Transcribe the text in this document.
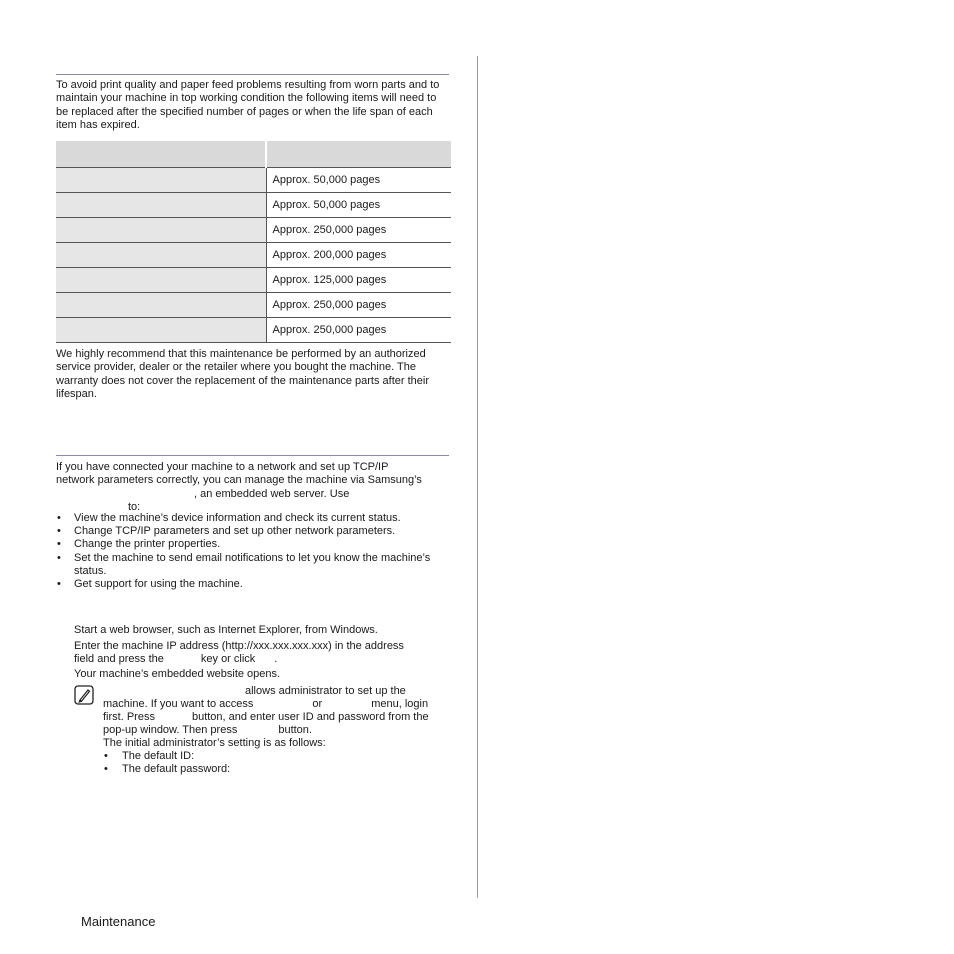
To avoid print quality and paper feed problems resulting from worn parts and to maintain your machine in top working condition the following items will need to be replaced after the specified number of pages or when the life span of each item has expired.

	Approx. 50,000 pages
	Approx. 50,000 pages
	Approx. 250,000 pages
	Approx. 200,000 pages
	Approx. 125,000 pages
	Approx. 250,000 pages
	Approx. 250,000 pages

We highly recommend that this maintenance be performed by an authorized service provider, dealer or the retailer where you bought the machine. The warranty does not cover the replacement of the maintenance parts after their lifespan.

If you have connected your machine to a network and set up TCP/IP
network parameters correctly, you can manage the machine via Samsung’s
, an embedded web server. Use
to:

• View the machine’s device information and check its current status.
• Change TCP/IP parameters and set up other network parameters.
• Change the printer properties.
• Set the machine to send email notifications to let you know the machine’s status.
• Get support for using the machine.

Start a web browser, such as Internet Explorer, from Windows.

Enter the machine IP address (http://xxx.xxx.xxx.xxx) in the address
field and press the	key or click .

Your machine’s embedded website opens.

allows administrator to set up the
machine. If you want to access	or	menu, login
first. Press	button, and enter user ID and password from the
pop-up window. Then press	button.
The initial administrator’s setting is as follows:
• The default ID:
• The default password:
Maintenance
